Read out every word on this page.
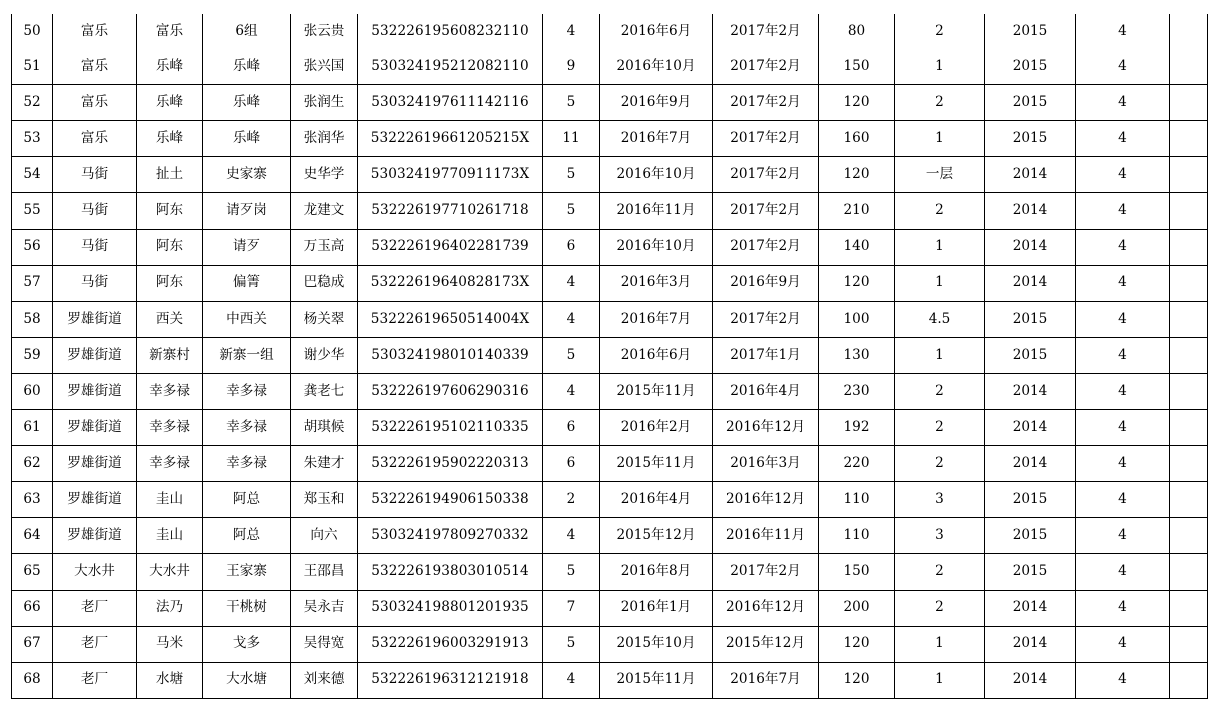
50	富乐	富乐	6组	张云贵	532226195608232110	4	2016年6月	2017年2月	80	2	2015	4	
51	富乐	乐峰	乐峰	张兴国	530324195212082110	9	2016年10月	2017年2月	150	1	2015	4	
52	富乐	乐峰	乐峰	张润生	530324197611142116	5	2016年9月	2017年2月	120	2	2015	4	
53	富乐	乐峰	乐峰	张润华	53222619661205215X	11	2016年7月	2017年2月	160	1	2015	4	
54	马街	扯土	史家寨	史华学	53032419770911173X	5	2016年10月	2017年2月	120	一层	2014	4	
55	马街	阿东	请歹岗	龙建文	532226197710261718	5	2016年11月	2017年2月	210	2	2014	4	
56	马街	阿东	请歹	万玉高	532226196402281739	6	2016年10月	2017年2月	140	1	2014	4	
57	马街	阿东	偏箐	巴稳成	53222619640828173X	4	2016年3月	2016年9月	120	1	2014	4	
58	罗雄街道	西关	中西关	杨关翠	53222619650514004X	4	2016年7月	2017年2月	100	4.5	2015	4	
59	罗雄街道	新寨村	新寨一组	谢少华	530324198010140339	5	2016年6月	2017年1月	130	1	2015	4	
60	罗雄街道	幸多禄	幸多禄	龚老七	532226197606290316	4	2015年11月	2016年4月	230	2	2014	4	
61	罗雄街道	幸多禄	幸多禄	胡琪候	532226195102110335	6	2016年2月	2016年12月	192	2	2014	4	
62	罗雄街道	幸多禄	幸多禄	朱建才	532226195902220313	6	2015年11月	2016年3月	220	2	2014	4	
63	罗雄街道	圭山	阿总	郑玉和	532226194906150338	2	2016年4月	2016年12月	110	3	2015	4	
64	罗雄街道	圭山	阿总	向六	530324197809270332	4	2015年12月	2016年11月	110	3	2015	4	
65	大水井	大水井	王家寨	王邵昌	532226193803010514	5	2016年8月	2017年2月	150	2	2015	4	
66	老厂	法乃	干桃树	吴永吉	530324198801201935	7	2016年1月	2016年12月	200	2	2014	4	
67	老厂	马米	戈多	吴得宽	532226196003291913	5	2015年10月	2015年12月	120	1	2014	4	
68	老厂	水塘	大水塘	刘来德	532226196312121918	4	2015年11月	2016年7月	120	1	2014	4	
